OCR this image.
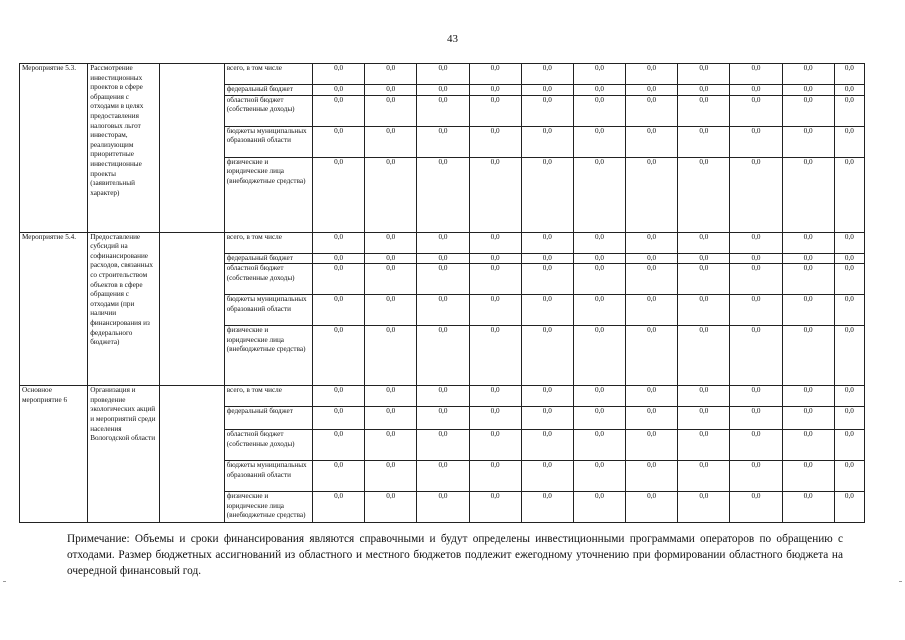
43
Мероприятие 5.3.	Рассмотрение инвестиционных проектов в сфере обращения с отходами в целях предоставления налоговых льгот инвесторам, реализующим приоритетные инвестиционные проекты (заявительный характер)		всего, в том числе	0,0	0,0	0,0	0,0	0,0	0,0	0,0	0,0	0,0	0,0	0,0
			федеральный бюджет	0,0	0,0	0,0	0,0	0,0	0,0	0,0	0,0	0,0	0,0	0,0
			областной бюджет (собственные доходы)	0,0	0,0	0,0	0,0	0,0	0,0	0,0	0,0	0,0	0,0	0,0
			бюджеты муниципальных образований области	0,0	0,0	0,0	0,0	0,0	0,0	0,0	0,0	0,0	0,0	0,0
			физические и юридические лица (внебюджетные средства)	0,0	0,0	0,0	0,0	0,0	0,0	0,0	0,0	0,0	0,0	0,0
Мероприятие 5.4.	Предоставление субсидий на софинансирование расходов, связанных со строительством объектов в сфере обращения с отходами (при наличии финансирования из федерального бюджета)		всего, в том числе	0,0	0,0	0,0	0,0	0,0	0,0	0,0	0,0	0,0	0,0	0,0
			федеральный бюджет	0,0	0,0	0,0	0,0	0,0	0,0	0,0	0,0	0,0	0,0	0,0
			областной бюджет (собственные доходы)	0,0	0,0	0,0	0,0	0,0	0,0	0,0	0,0	0,0	0,0	0,0
			бюджеты муниципальных образований области	0,0	0,0	0,0	0,0	0,0	0,0	0,0	0,0	0,0	0,0	0,0
			физические и юридические лица (внебюджетные средства)	0,0	0,0	0,0	0,0	0,0	0,0	0,0	0,0	0,0	0,0	0,0
Основное мероприятие 6	Организация и проведение экологических акций и мероприятий среди населения Вологодской области		всего, в том числе	0,0	0,0	0,0	0,0	0,0	0,0	0,0	0,0	0,0	0,0	0,0
			федеральный бюджет	0,0	0,0	0,0	0,0	0,0	0,0	0,0	0,0	0,0	0,0	0,0
			областной бюджет (собственные доходы)	0,0	0,0	0,0	0,0	0,0	0,0	0,0	0,0	0,0	0,0	0,0
			бюджеты муниципальных образований области	0,0	0,0	0,0	0,0	0,0	0,0	0,0	0,0	0,0	0,0	0,0
			физические и юридические лица (внебюджетные средства)	0,0	0,0	0,0	0,0	0,0	0,0	0,0	0,0	0,0	0,0	0,0
Примечание: Объемы и сроки финансирования являются справочными и будут определены инвестиционными программами операторов по обращению с отходами. Размер бюджетных ассигнований из областного и местного бюджетов подлежит ежегодному уточнению при формировании областного бюджета на очередной финансовый год.
